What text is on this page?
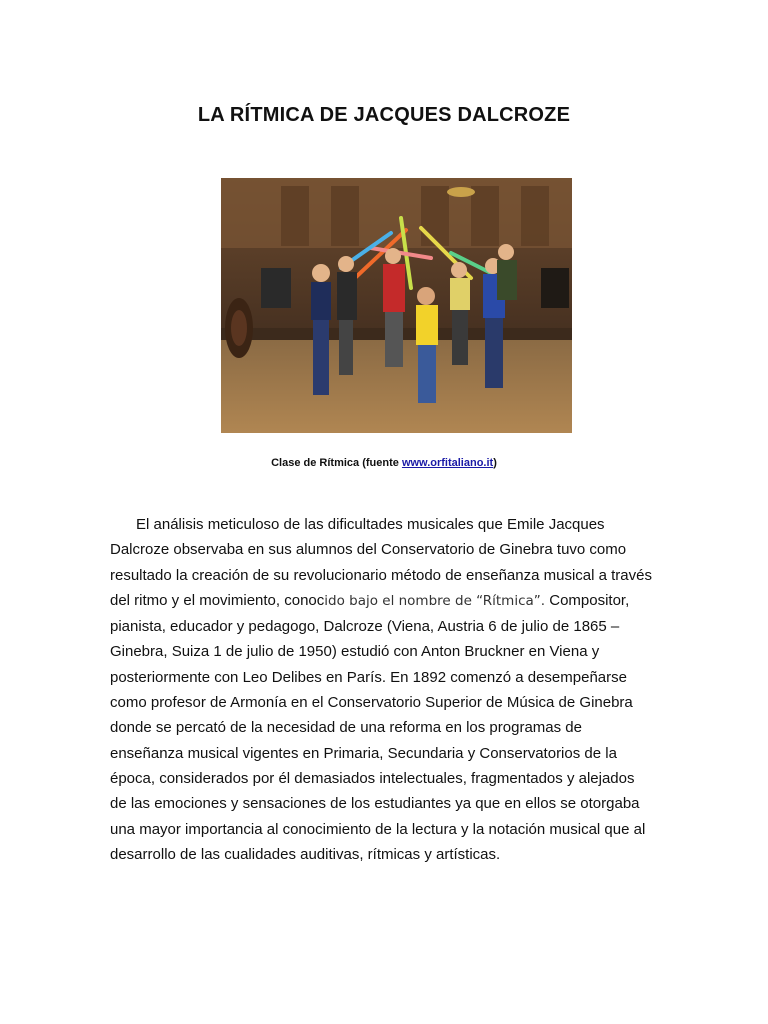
LA RÍTMICA DE JACQUES DALCROZE

Clase de Rítmica (fuente www.orfitaliano.it)

El análisis meticuloso de las dificultades musicales que Emile Jacques Dalcroze observaba en sus alumnos del Conservatorio de Ginebra tuvo como resultado la creación de su revolucionario método de enseñanza musical a través del ritmo y el movimiento, conocido bajo el nombre de “Rítmica”. Compositor, pianista, educador y pedagogo, Dalcroze (Viena, Austria 6 de julio de 1865 – Ginebra, Suiza 1 de julio de 1950) estudió con Anton Bruckner en Viena y posteriormente con Leo Delibes en París. En 1892 comenzó a desempeñarse como profesor de Armonía en el Conservatorio Superior de Música de Ginebra donde se percató de la necesidad de una reforma en los programas de enseñanza musical vigentes en Primaria, Secundaria y Conservatorios de la época, considerados por él demasiados intelectuales, fragmentados y alejados de las emociones y sensaciones de los estudiantes ya que en ellos se otorgaba una mayor importancia al conocimiento de la lectura y la notación musical que al desarrollo de las cualidades auditivas, rítmicas y artísticas.
